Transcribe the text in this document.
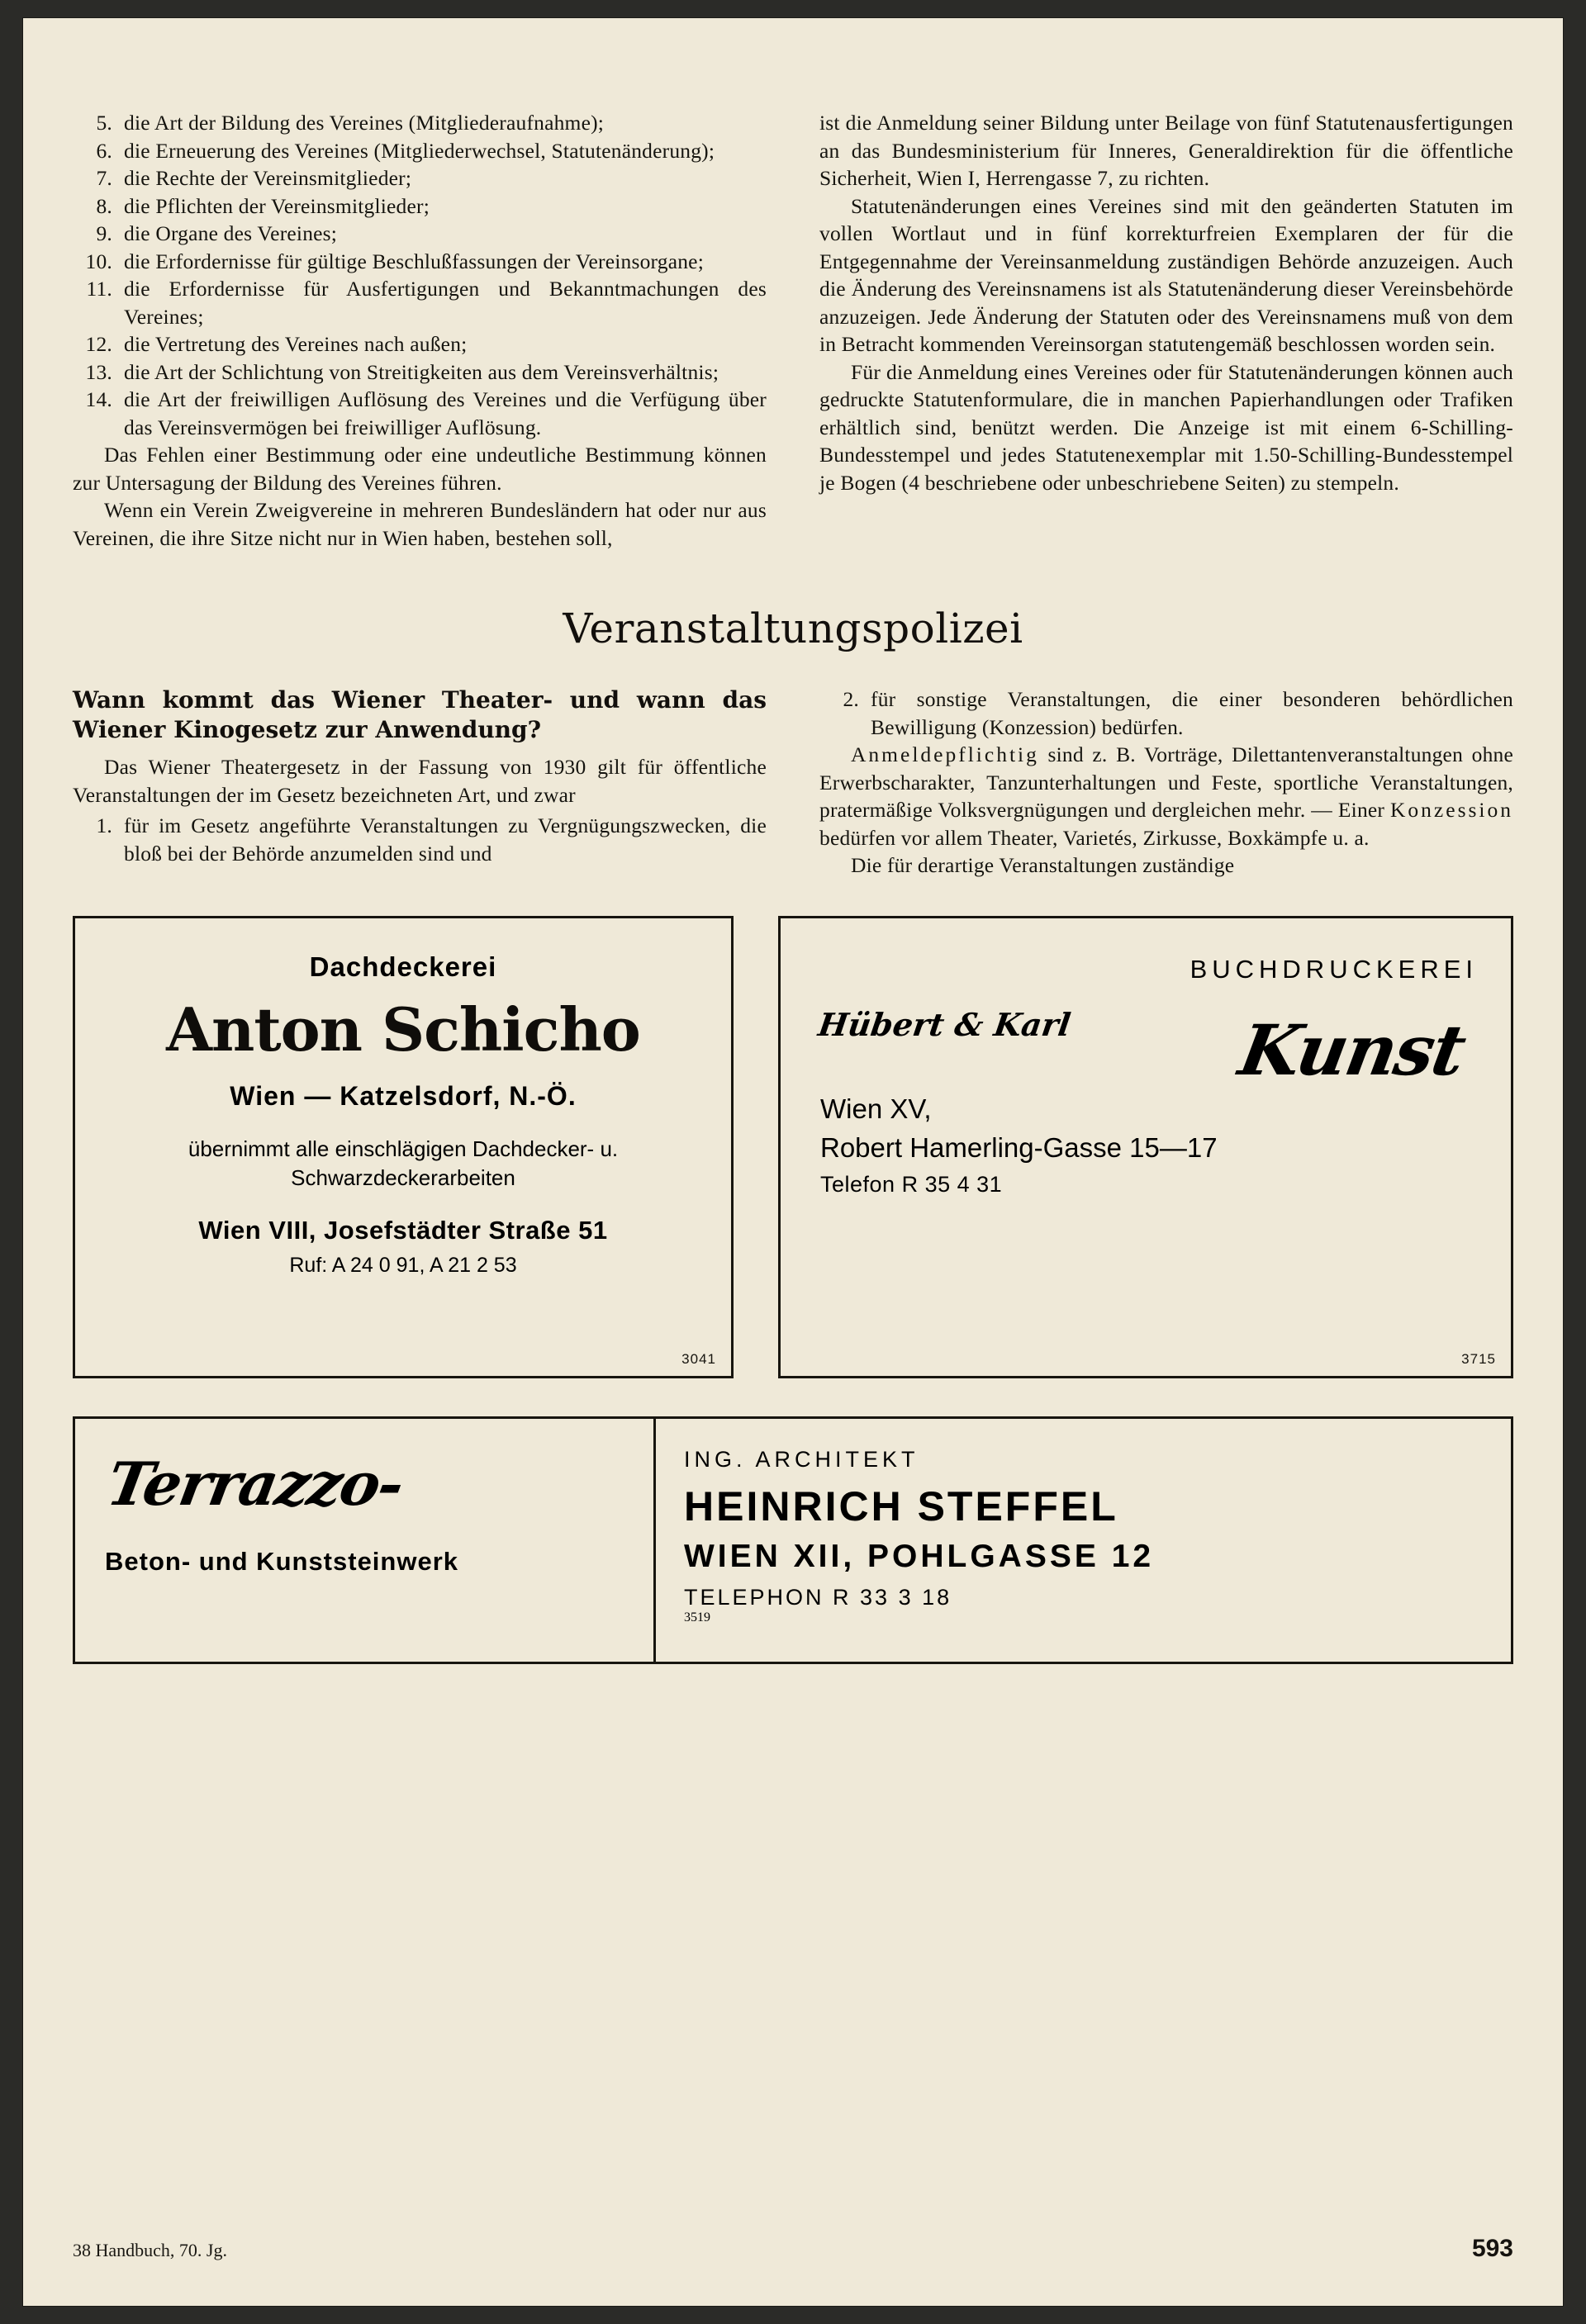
5. die Art der Bildung des Vereines (Mitgliederaufnahme);
6. die Erneuerung des Vereines (Mitgliederwechsel, Statutenänderung);
7. die Rechte der Vereinsmitglieder;
8. die Pflichten der Vereinsmitglieder;
9. die Organe des Vereines;
10. die Erfordernisse für gültige Beschlußfassungen der Vereinsorgane;
11. die Erfordernisse für Ausfertigungen und Bekanntmachungen des Vereines;
12. die Vertretung des Vereines nach außen;
13. die Art der Schlichtung von Streitigkeiten aus dem Vereinsverhältnis;
14. die Art der freiwilligen Auflösung des Vereines und die Verfügung über das Vereinsvermögen bei freiwilliger Auflösung.

Das Fehlen einer Bestimmung oder eine undeutliche Bestimmung können zur Untersagung der Bildung des Vereines führen.

Wenn ein Verein Zweigvereine in mehreren Bundesländern hat oder nur aus Vereinen, die ihre Sitze nicht nur in Wien haben, bestehen soll,

ist die Anmeldung seiner Bildung unter Beilage von fünf Statutenausfertigungen an das Bundesministerium für Inneres, Generaldirektion für die öffentliche Sicherheit, Wien I, Herrengasse 7, zu richten.

Statutenänderungen eines Vereines sind mit den geänderten Statuten im vollen Wortlaut und in fünf korrekturfreien Exemplaren der für die Entgegennahme der Vereinsanmeldung zuständigen Behörde anzuzeigen. Auch die Änderung des Vereinsnamens ist als Statutenänderung dieser Vereinsbehörde anzuzeigen. Jede Änderung der Statuten oder des Vereinsnamens muß von dem in Betracht kommenden Vereinsorgan statutengemäß beschlossen worden sein.

Für die Anmeldung eines Vereines oder für Statutenänderungen können auch gedruckte Statutenformulare, die in manchen Papierhandlungen oder Trafiken erhältlich sind, benützt werden. Die Anzeige ist mit einem 6-Schilling-Bundesstempel und jedes Statutenexemplar mit 1.50-Schilling-Bundesstempel je Bogen (4 beschriebene oder unbeschriebene Seiten) zu stempeln.

Veranstaltungspolizei
Wann kommt das Wiener Theater- und wann das Wiener Kinogesetz zur Anwendung?

Das Wiener Theatergesetz in der Fassung von 1930 gilt für öffentliche Veranstaltungen der im Gesetz bezeichneten Art, und zwar

1. für im Gesetz angeführte Veranstaltungen zu Vergnügungszwecken, die bloß bei der Behörde anzumelden sind und
2. für sonstige Veranstaltungen, die einer besonderen behördlichen Bewilligung (Konzession) bedürfen.

Anmeldepflichtig sind z. B. Vorträge, Dilettantenveranstaltungen ohne Erwerbscharakter, Tanzunterhaltungen und Feste, sportliche Veranstaltungen, pratermäßige Volksvergnügungen und dergleichen mehr. — Einer Konzession bedürfen vor allem Theater, Varietés, Zirkusse, Boxkämpfe u. a.

Die für derartige Veranstaltungen zuständige

Dachdeckerei
Anton Schicho
Wien — Katzelsdorf, N.-Ö.
übernimmt alle einschlägigen Dachdecker- u. Schwarzdeckerarbeiten
Wien VIII, Josefstädter Straße 51
Ruf: A 24 0 91, A 21 2 53
3041
BUCHDRUCKEREI
Hübert & Karl Kunst
Wien XV,
Robert Hamerling-Gasse 15—17
Telefon R 35 4 31
3715
Terrazzo-
Beton- und Kunststeinwerk
ING. ARCHITEKT
HEINRICH STEFFEL
WIEN XII, POHLGASSE 12
TELEPHON R 33 3 18
3519
38 Handbuch, 70. Jg.	593
